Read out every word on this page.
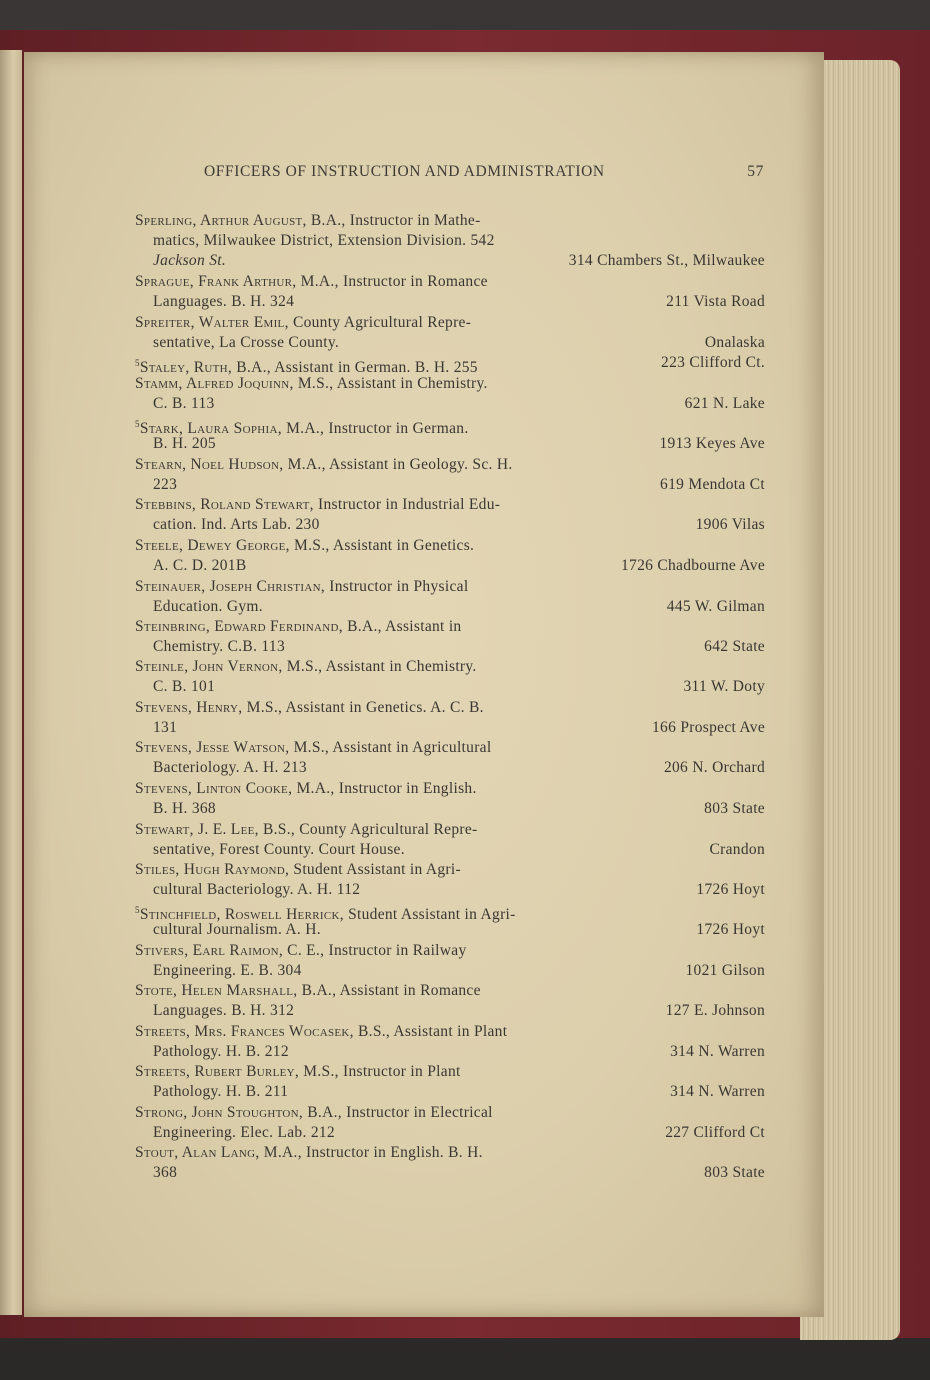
OFFICERS OF INSTRUCTION AND ADMINISTRATION	57
Sperling, Arthur August, B.A., Instructor in Mathe-
matics, Milwaukee District, Extension Division. 542
Jackson St.	314 Chambers St., Milwaukee
Sprague, Frank Arthur, M.A., Instructor in Romance
Languages. B. H. 324	211 Vista Road
Spreiter, Walter Emil, County Agricultural Repre-
sentative, La Crosse County.	Onalaska
$^5$Staley, Ruth, B.A., Assistant in German. B. H. 255	223 Clifford Ct.
Stamm, Alfred Joquinn, M.S., Assistant in Chemistry.
C. B. 113	621 N. Lake
$^5$Stark, Laura Sophia, M.A., Instructor in German.
B. H. 205	1913 Keyes Ave
Stearn, Noel Hudson, M.A., Assistant in Geology. Sc. H.
223	619 Mendota Ct
Stebbins, Roland Stewart, Instructor in Industrial Edu-
cation. Ind. Arts Lab. 230	1906 Vilas
Steele, Dewey George, M.S., Assistant in Genetics.
A. C. D. 201B	1726 Chadbourne Ave
Steinauer, Joseph Christian, Instructor in Physical
Education. Gym.	445 W. Gilman
Steinbring, Edward Ferdinand, B.A., Assistant in
Chemistry. C.B. 113	642 State
Steinle, John Vernon, M.S., Assistant in Chemistry.
C. B. 101	311 W. Doty
Stevens, Henry, M.S., Assistant in Genetics. A. C. B.
131	166 Prospect Ave
Stevens, Jesse Watson, M.S., Assistant in Agricultural
Bacteriology. A. H. 213	206 N. Orchard
Stevens, Linton Cooke, M.A., Instructor in English.
B. H. 368	803 State
Stewart, J. E. Lee, B.S., County Agricultural Repre-
sentative, Forest County. Court House.	Crandon
Stiles, Hugh Raymond, Student Assistant in Agri-
cultural Bacteriology. A. H. 112	1726 Hoyt
$^5$Stinchfield, Roswell Herrick, Student Assistant in Agri-
cultural Journalism. A. H.	1726 Hoyt
Stivers, Earl Raimon, C. E., Instructor in Railway
Engineering. E. B. 304	1021 Gilson
Stote, Helen Marshall, B.A., Assistant in Romance
Languages. B. H. 312	127 E. Johnson
Streets, Mrs. Frances Wocasek, B.S., Assistant in Plant
Pathology. H. B. 212	314 N. Warren
Streets, Rubert Burley, M.S., Instructor in Plant
Pathology. H. B. 211	314 N. Warren
Strong, John Stoughton, B.A., Instructor in Electrical
Engineering. Elec. Lab. 212	227 Clifford Ct
Stout, Alan Lang, M.A., Instructor in English. B. H.
368	803 State
